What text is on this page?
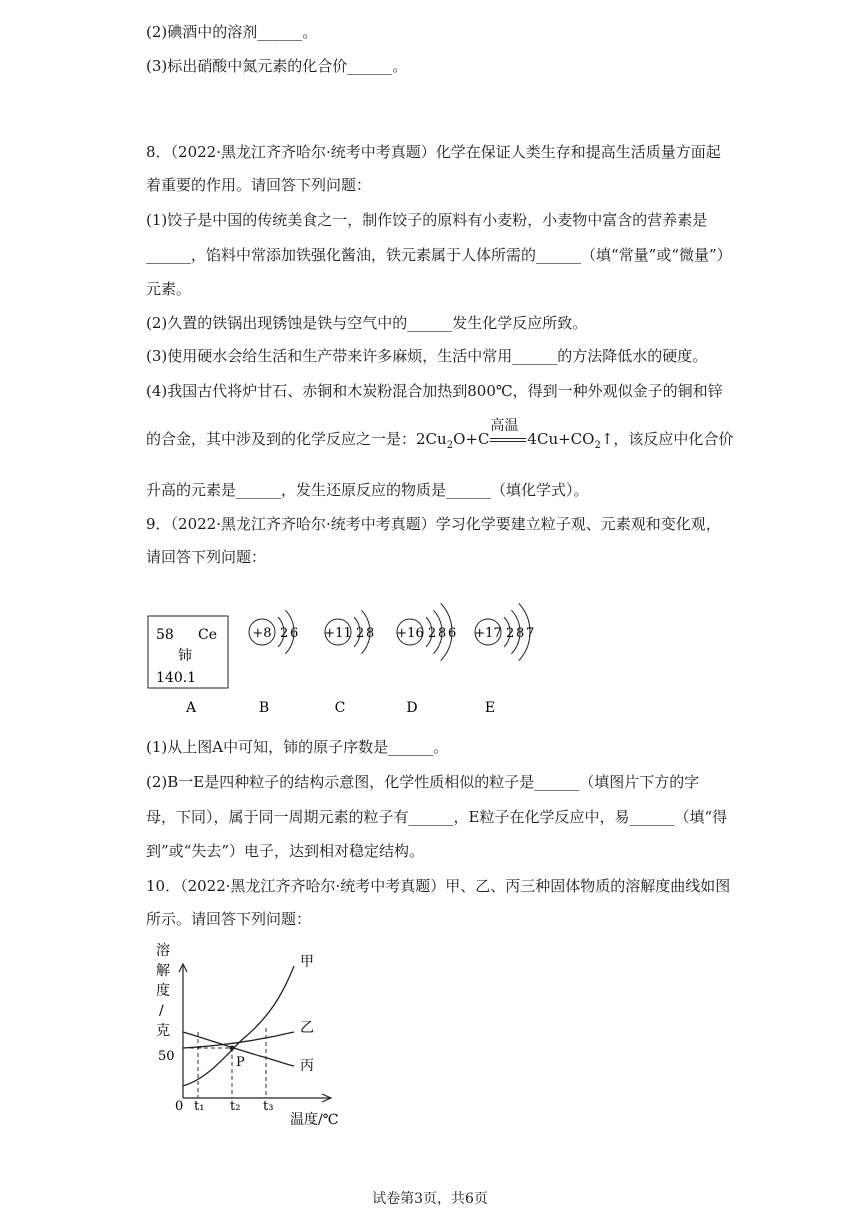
(2)碘酒中的溶剂______。
(3)标出硝酸中氮元素的化合价______。
8．（2022·黑龙江齐齐哈尔·统考中考真题）化学在保证人类生存和提高生活质量方面起
着重要的作用。请回答下列问题：
(1)饺子是中国的传统美食之一，制作饺子的原料有小麦粉，小麦物中富含的营养素是
______，馅料中常添加铁强化酱油，铁元素属于人体所需的______（填“常量”或“微量”）
元素。
(2)久置的铁锅出现锈蚀是铁与空气中的______发生化学反应所致。
(3)使用硬水会给生活和生产带来许多麻烦，生活中常用______的方法降低水的硬度。
(4)我国古代将炉甘石、赤铜和木炭粉混合加热到800℃，得到一种外观似金子的铜和锌
的合金，其中涉及到的化学反应之一是：$2Cu_2O+C$
高温
$4Cu+CO_2↑$，该反应中化合价
升高的元素是______，发生还原反应的物质是______（填化学式）。
9．（2022·黑龙江齐齐哈尔·统考中考真题）学习化学要建立粒子观、元素观和变化观，
请回答下列问题：
58 Ce
铈
140.1
A
+8 2 6
B
+11 2 8
C
+16 2 8 6
D
+17 2 8 7
E
(1)从上图A中可知，铈的原子序数是______。
(2)B一E是四种粒子的结构示意图，化学性质相似的粒子是______（填图片下方的字
母，下同），属于同一周期元素的粒子有______，E粒子在化学反应中，易______（填“得
到”或“失去”）电子，达到相对稳定结构。
10．（2022·黑龙江齐齐哈尔·统考中考真题）甲、乙、丙三种固体物质的溶解度曲线如图
所示。请回答下列问题：
溶
解
度
/
克
50
0 t₁ t₂ t₃
P
甲
乙
丙
温度/℃
试卷第3页，共6页
